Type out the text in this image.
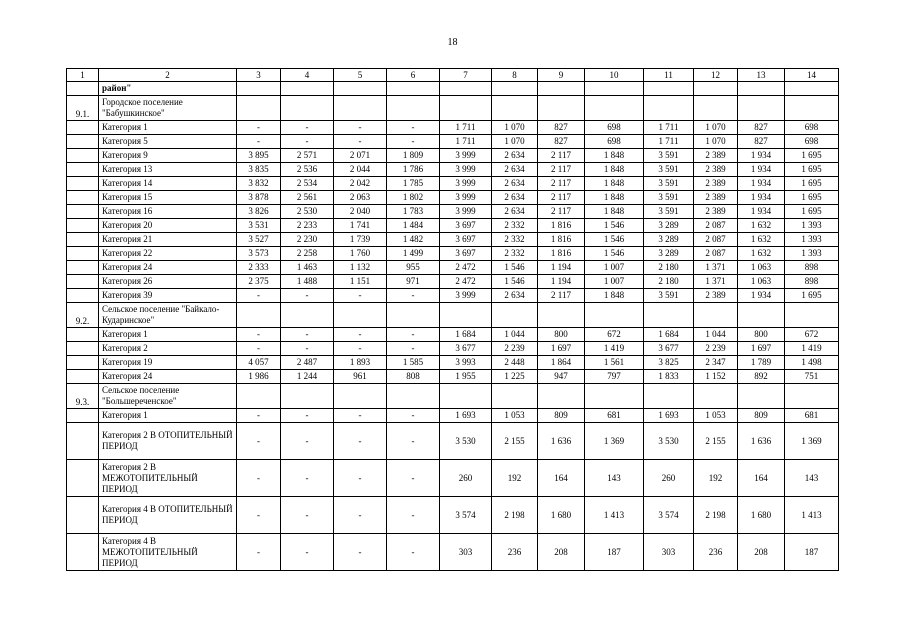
18
1	2	3	4	5	6	7	8	9	10	11	12	13	14
	район"												
9.1.	Городское поселение "Бабушкинское"												
	Категория 1	-	-	-	-	1 711	1 070	827	698	1 711	1 070	827	698
	Категория 5	-	-	-	-	1 711	1 070	827	698	1 711	1 070	827	698
	Категория 9	3 895	2 571	2 071	1 809	3 999	2 634	2 117	1 848	3 591	2 389	1 934	1 695
	Категория 13	3 835	2 536	2 044	1 786	3 999	2 634	2 117	1 848	3 591	2 389	1 934	1 695
	Категория 14	3 832	2 534	2 042	1 785	3 999	2 634	2 117	1 848	3 591	2 389	1 934	1 695
	Категория 15	3 878	2 561	2 063	1 802	3 999	2 634	2 117	1 848	3 591	2 389	1 934	1 695
	Категория 16	3 826	2 530	2 040	1 783	3 999	2 634	2 117	1 848	3 591	2 389	1 934	1 695
	Категория 20	3 531	2 233	1 741	1 484	3 697	2 332	1 816	1 546	3 289	2 087	1 632	1 393
	Категория 21	3 527	2 230	1 739	1 482	3 697	2 332	1 816	1 546	3 289	2 087	1 632	1 393
	Категория 22	3 573	2 258	1 760	1 499	3 697	2 332	1 816	1 546	3 289	2 087	1 632	1 393
	Категория 24	2 333	1 463	1 132	955	2 472	1 546	1 194	1 007	2 180	1 371	1 063	898
	Категория 26	2 375	1 488	1 151	971	2 472	1 546	1 194	1 007	2 180	1 371	1 063	898
	Категория 39	-	-	-	-	3 999	2 634	2 117	1 848	3 591	2 389	1 934	1 695
9.2.	Сельское поселение "Байкало-Кударинское"												
	Категория 1	-	-	-	-	1 684	1 044	800	672	1 684	1 044	800	672
	Категория 2	-	-	-	-	3 677	2 239	1 697	1 419	3 677	2 239	1 697	1 419
	Категория 19	4 057	2 487	1 893	1 585	3 993	2 448	1 864	1 561	3 825	2 347	1 789	1 498
	Категория 24	1 986	1 244	961	808	1 955	1 225	947	797	1 833	1 152	892	751
9.3.	Сельское поселение "Большереченское"												
	Категория 1	-	-	-	-	1 693	1 053	809	681	1 693	1 053	809	681
	Категория 2 В ОТОПИТЕЛЬНЫЙ ПЕРИОД	-	-	-	-	3 530	2 155	1 636	1 369	3 530	2 155	1 636	1 369
	Категория 2 В МЕЖОТОПИТЕЛЬНЫЙ ПЕРИОД	-	-	-	-	260	192	164	143	260	192	164	143
	Категория 4 В ОТОПИТЕЛЬНЫЙ ПЕРИОД	-	-	-	-	3 574	2 198	1 680	1 413	3 574	2 198	1 680	1 413
	Категория 4 В МЕЖОТОПИТЕЛЬНЫЙ ПЕРИОД	-	-	-	-	303	236	208	187	303	236	208	187
